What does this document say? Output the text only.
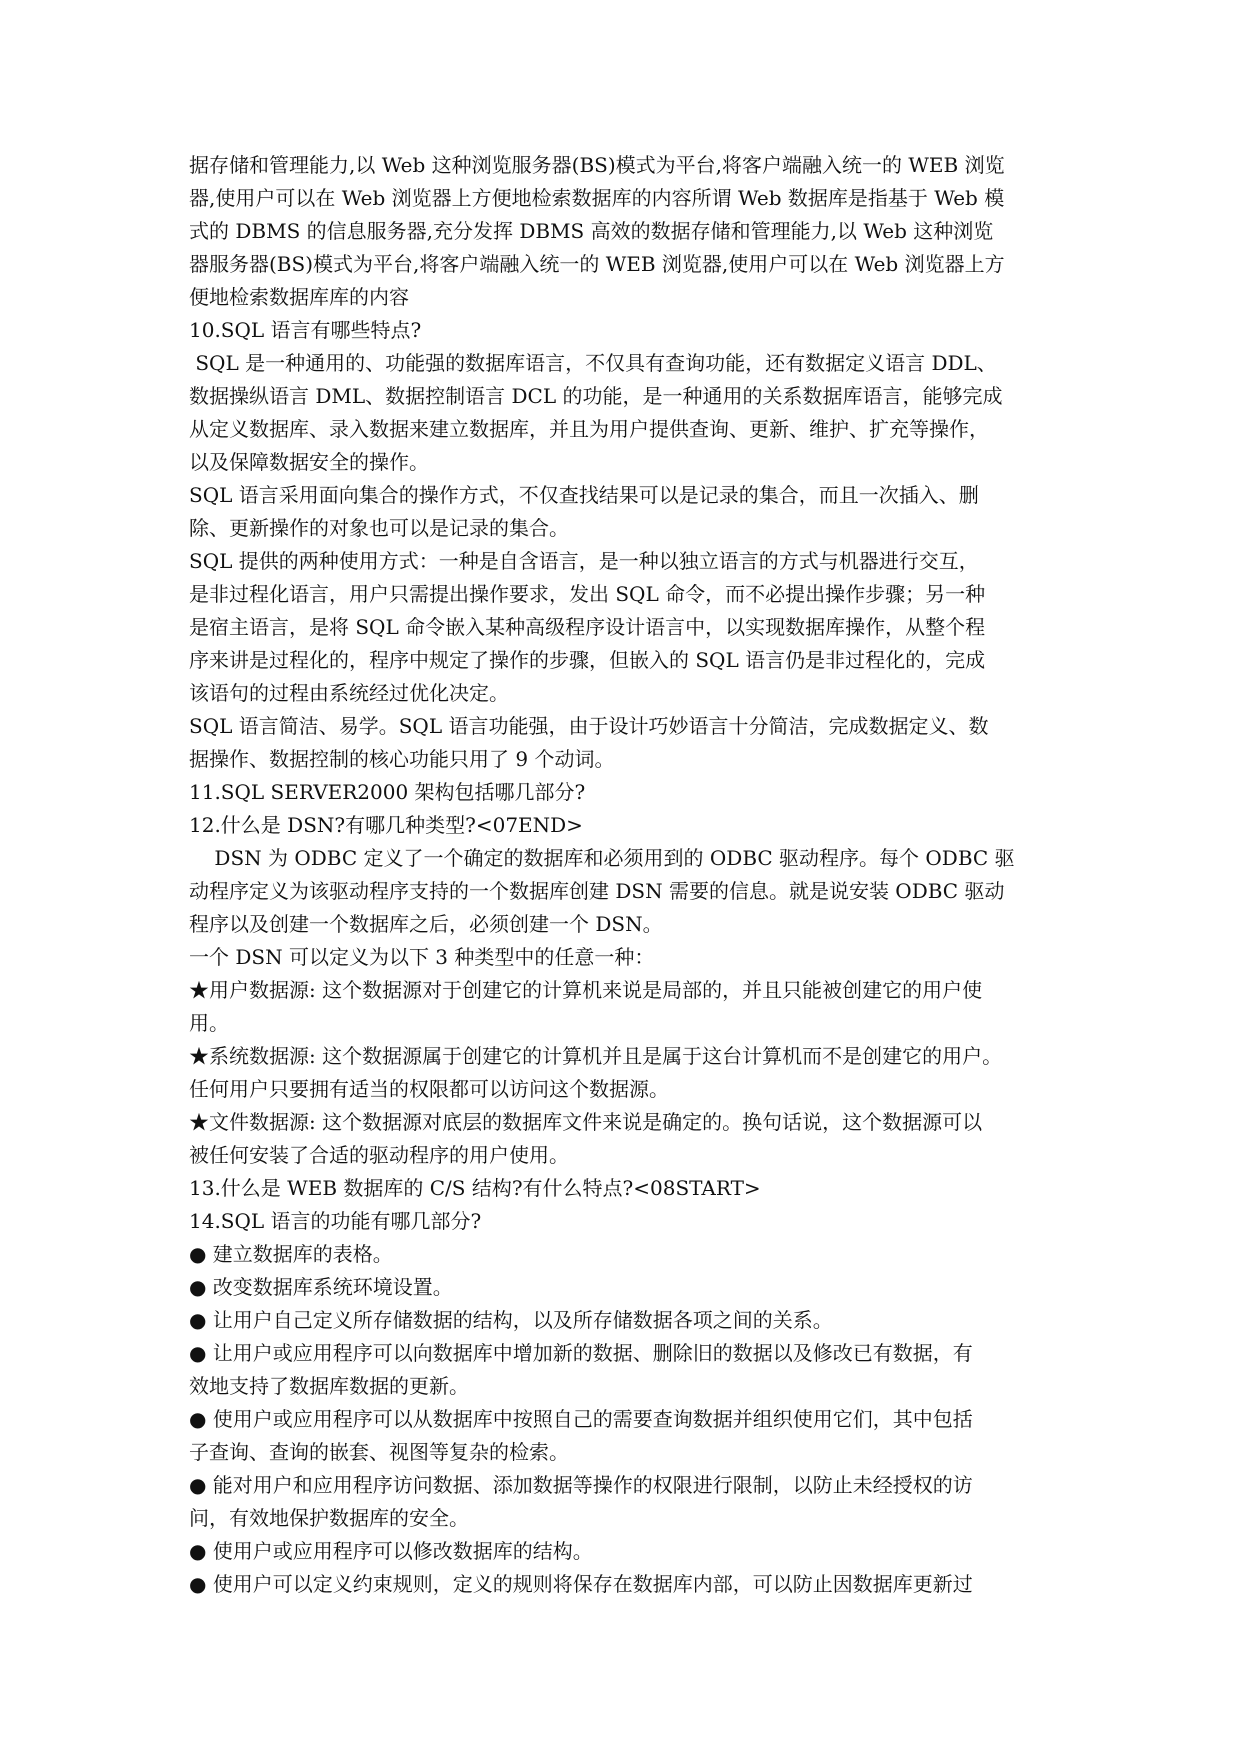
据存储和管理能力,以 Web 这种浏览服务器(BS)模式为平台,将客户端融入统一的 WEB 浏览
器,使用户可以在 Web 浏览器上方便地检索数据库的内容所谓 Web 数据库是指基于 Web 模
式的 DBMS 的信息服务器,充分发挥 DBMS 高效的数据存储和管理能力,以 Web 这种浏览
器服务器(BS)模式为平台,将客户端融入统一的 WEB 浏览器,使用户可以在 Web 浏览器上方
便地检索数据库库的内容
10.SQL 语言有哪些特点?
SQL 是一种通用的、功能强的数据库语言，不仅具有查询功能，还有数据定义语言 DDL、
数据操纵语言 DML、数据控制语言 DCL 的功能，是一种通用的关系数据库语言，能够完成
从定义数据库、录入数据来建立数据库，并且为用户提供查询、更新、维护、扩充等操作，
以及保障数据安全的操作。
SQL 语言采用面向集合的操作方式，不仅查找结果可以是记录的集合，而且一次插入、删
除、更新操作的对象也可以是记录的集合。
SQL 提供的两种使用方式：一种是自含语言，是一种以独立语言的方式与机器进行交互，
是非过程化语言，用户只需提出操作要求，发出 SQL 命令，而不必提出操作步骤；另一种
是宿主语言，是将 SQL 命令嵌入某种高级程序设计语言中，以实现数据库操作，从整个程
序来讲是过程化的，程序中规定了操作的步骤，但嵌入的 SQL 语言仍是非过程化的，完成
该语句的过程由系统经过优化决定。
SQL 语言简洁、易学。SQL 语言功能强，由于设计巧妙语言十分简洁，完成数据定义、数
据操作、数据控制的核心功能只用了 9 个动词。
11.SQL SERVER2000 架构包括哪几部分?
12.什么是 DSN?有哪几种类型?<07END>
DSN 为 ODBC 定义了一个确定的数据库和必须用到的 ODBC 驱动程序。每个 ODBC 驱
动程序定义为该驱动程序支持的一个数据库创建 DSN 需要的信息。就是说安装 ODBC 驱动
程序以及创建一个数据库之后，必须创建一个 DSN。
一个 DSN 可以定义为以下 3 种类型中的任意一种：
★用户数据源: 这个数据源对于创建它的计算机来说是局部的，并且只能被创建它的用户使
用。
★系统数据源: 这个数据源属于创建它的计算机并且是属于这台计算机而不是创建它的用户。
任何用户只要拥有适当的权限都可以访问这个数据源。
★文件数据源: 这个数据源对底层的数据库文件来说是确定的。换句话说，这个数据源可以
被任何安装了合适的驱动程序的用户使用。
13.什么是 WEB 数据库的 C/S 结构?有什么特点?<08START>
14.SQL 语言的功能有哪几部分?
● 建立数据库的表格。
● 改变数据库系统环境设置。
● 让用户自己定义所存储数据的结构，以及所存储数据各项之间的关系。
● 让用户或应用程序可以向数据库中增加新的数据、删除旧的数据以及修改已有数据，有
效地支持了数据库数据的更新。
● 使用户或应用程序可以从数据库中按照自己的需要查询数据并组织使用它们，其中包括
子查询、查询的嵌套、视图等复杂的检索。
● 能对用户和应用程序访问数据、添加数据等操作的权限进行限制，以防止未经授权的访
问，有效地保护数据库的安全。
● 使用户或应用程序可以修改数据库的结构。
● 使用户可以定义约束规则，定义的规则将保存在数据库内部，可以防止因数据库更新过
